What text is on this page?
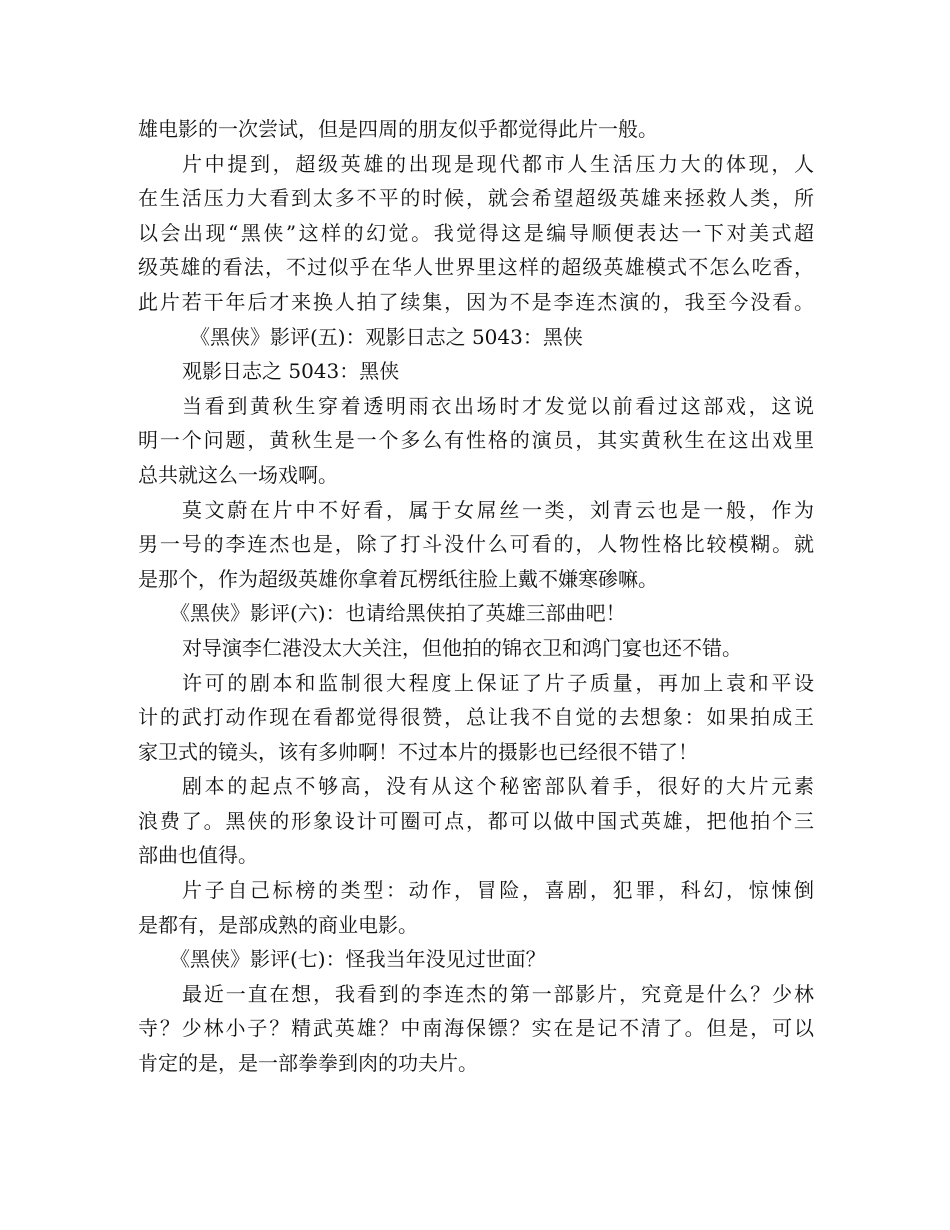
雄电影的一次尝试，但是四周的朋友似乎都觉得此片一般。
片中提到，超级英雄的出现是现代都市人生活压力大的体现，人
在生活压力大看到太多不平的时候，就会希望超级英雄来拯救人类，所
以会出现“黑侠”这样的幻觉。我觉得这是编导顺便表达一下对美式超
级英雄的看法，不过似乎在华人世界里这样的超级英雄模式不怎么吃香，
此片若干年后才来换人拍了续集，因为不是李连杰演的，我至今没看。
《黑侠》影评(五)：观影日志之 5043：黑侠
观影日志之 5043：黑侠
当看到黄秋生穿着透明雨衣出场时才发觉以前看过这部戏，这说
明一个问题，黄秋生是一个多么有性格的演员，其实黄秋生在这出戏里
总共就这么一场戏啊。
莫文蔚在片中不好看，属于女屌丝一类，刘青云也是一般，作为
男一号的李连杰也是，除了打斗没什么可看的，人物性格比较模糊。就
是那个，作为超级英雄你拿着瓦楞纸往脸上戴不嫌寒碜嘛。
《黑侠》影评(六)：也请给黑侠拍了英雄三部曲吧！
对导演李仁港没太大关注，但他拍的锦衣卫和鸿门宴也还不错。
许可的剧本和监制很大程度上保证了片子质量，再加上袁和平设
计的武打动作现在看都觉得很赞，总让我不自觉的去想象：如果拍成王
家卫式的镜头，该有多帅啊！不过本片的摄影也已经很不错了！
剧本的起点不够高，没有从这个秘密部队着手，很好的大片元素
浪费了。黑侠的形象设计可圈可点，都可以做中国式英雄，把他拍个三
部曲也值得。
片子自己标榜的类型：动作，冒险，喜剧，犯罪，科幻，惊悚倒
是都有，是部成熟的商业电影。
《黑侠》影评(七)：怪我当年没见过世面？
最近一直在想，我看到的李连杰的第一部影片，究竟是什么？少林
寺？少林小子？精武英雄？中南海保镖？实在是记不清了。但是，可以
肯定的是，是一部拳拳到肉的功夫片。
